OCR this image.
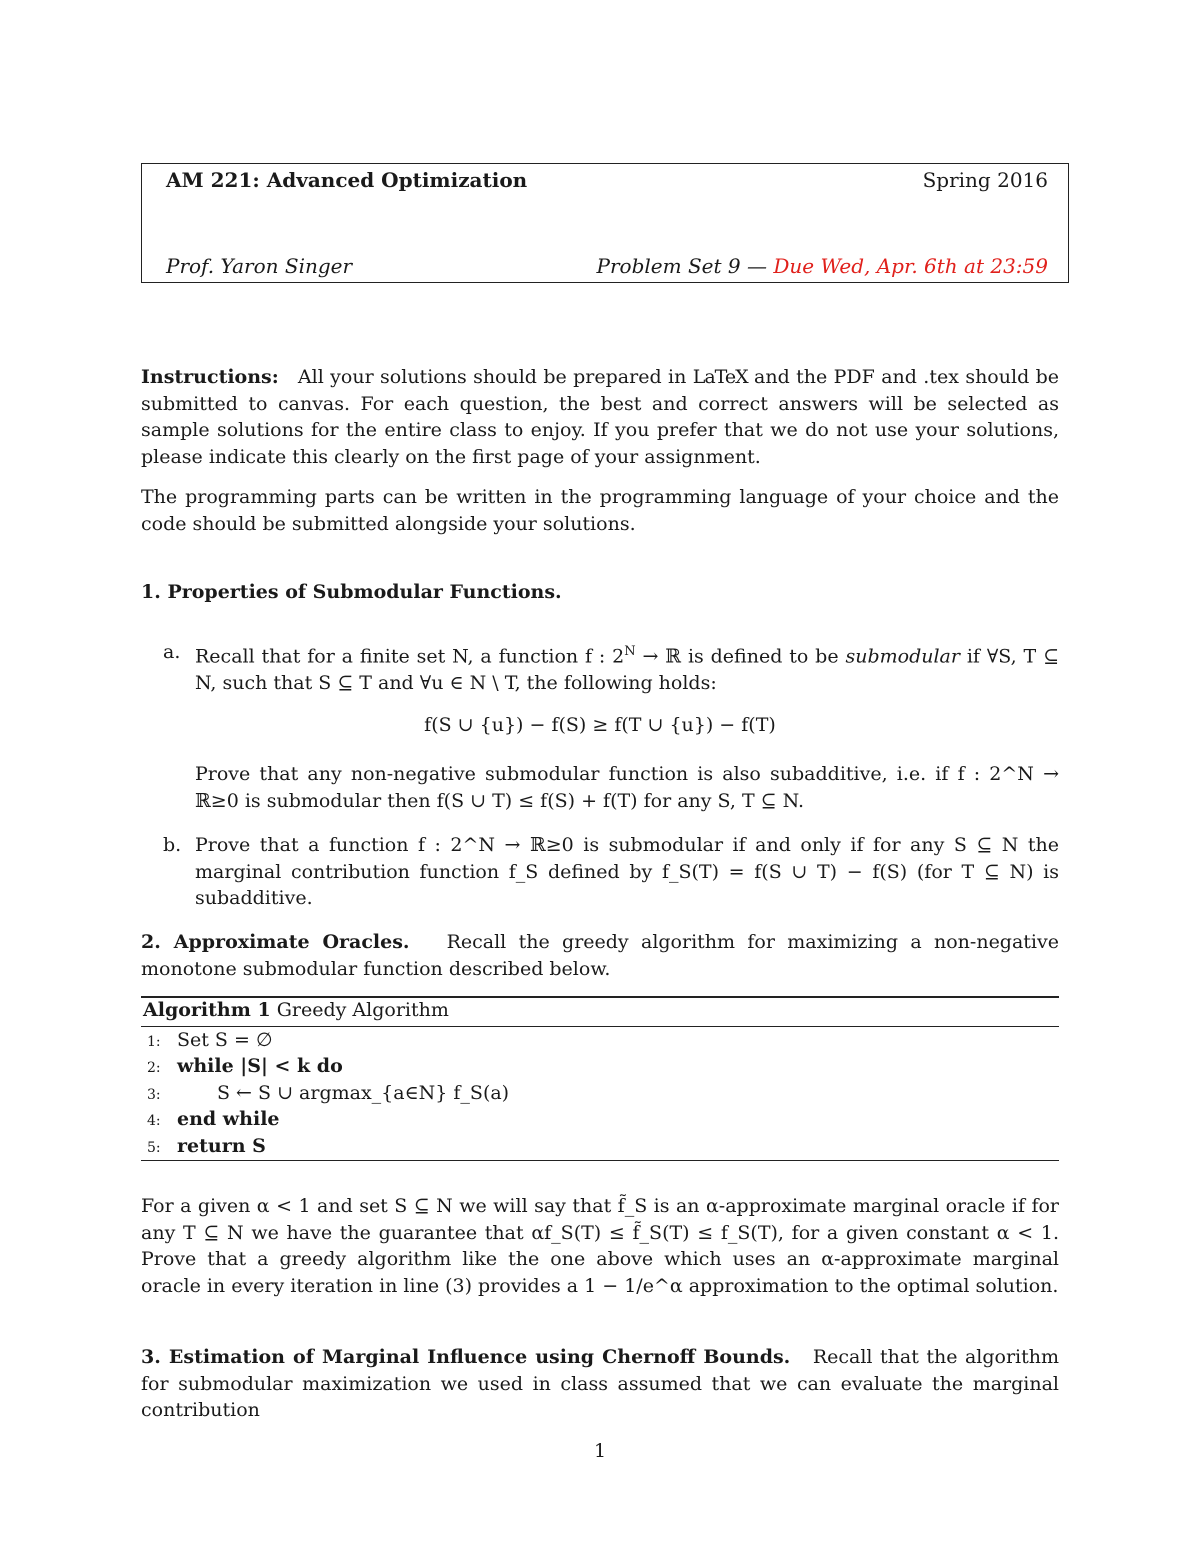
AM 221: Advanced Optimization	Spring 2016
Prof. Yaron Singer	Problem Set 9 — Due Wed, Apr. 6th at 23:59
Instructions: All your solutions should be prepared in LaTeX and the PDF and .tex should be submitted to canvas. For each question, the best and correct answers will be selected as sample solutions for the entire class to enjoy. If you prefer that we do not use your solutions, please indicate this clearly on the first page of your assignment.
The programming parts can be written in the programming language of your choice and the code should be submitted alongside your solutions.
1. Properties of Submodular Functions.
a. Recall that for a finite set N, a function f : $2^N$ → ℝ is defined to be submodular if ∀S, T ⊆ N, such that S ⊆ T and ∀u ∈ N \ T, the following holds:
f(S ∪ {u}) − f(S) ≥ f(T ∪ {u}) − f(T)
Prove that any non-negative submodular function is also subadditive, i.e. if f : 2^N → ℝ≥0 is submodular then f(S ∪ T) ≤ f(S) + f(T) for any S, T ⊆ N.
b. Prove that a function f : 2^N → ℝ≥0 is submodular if and only if for any S ⊆ N the marginal contribution function f_S defined by f_S(T) = f(S ∪ T) − f(S) (for T ⊆ N) is subadditive.
2. Approximate Oracles. Recall the greedy algorithm for maximizing a non-negative monotone submodular function described below.
Algorithm 1 Greedy Algorithm
1: Set S = ∅
2: while |S| < k do
3:	S ← S ∪ argmax_{a∈N} f_S(a)
4: end while
5: return S
For a given α < 1 and set S ⊆ N we will say that f̃_S is an α-approximate marginal oracle if for any T ⊆ N we have the guarantee that αf_S(T) ≤ f̃_S(T) ≤ f_S(T), for a given constant α < 1. Prove that a greedy algorithm like the one above which uses an α-approximate marginal oracle in every iteration in line (3) provides a 1 − 1/e^α approximation to the optimal solution.
3. Estimation of Marginal Influence using Chernoff Bounds. Recall that the algorithm for submodular maximization we used in class assumed that we can evaluate the marginal contribution
1
